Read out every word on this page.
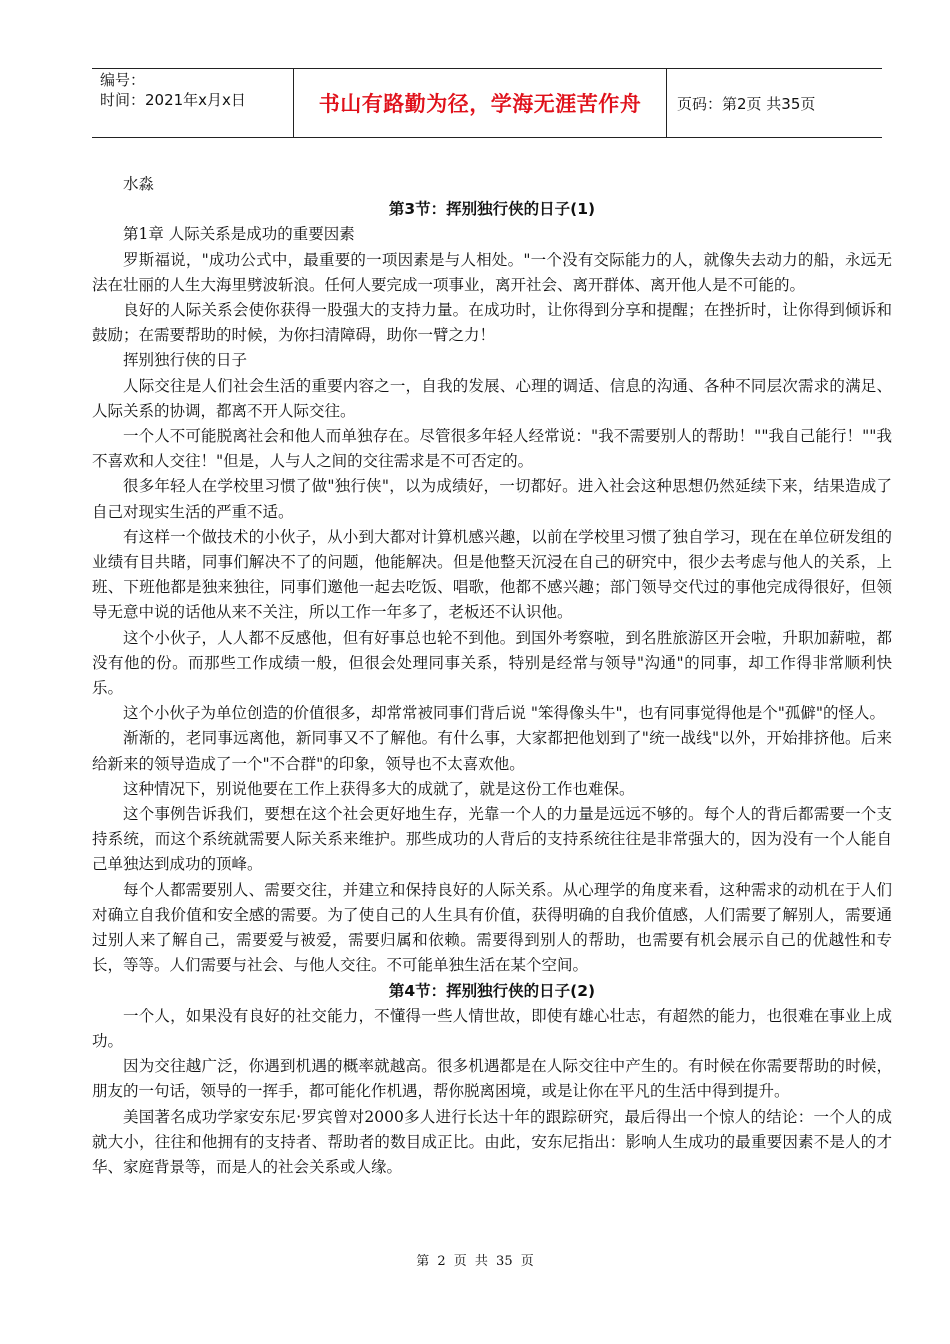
编号：
时间：2021年x月x日	书山有路勤为径，学海无涯苦作舟	页码：第2页 共35页

水淼

第3节：挥别独行侠的日子(1)

第1章 人际关系是成功的重要因素

罗斯福说，"成功公式中，最重要的一项因素是与人相处。"一个没有交际能力的人，就像失去动力的船，永远无法在壮丽的人生大海里劈波斩浪。任何人要完成一项事业，离开社会、离开群体、离开他人是不可能的。

良好的人际关系会使你获得一股强大的支持力量。在成功时，让你得到分享和提醒；在挫折时，让你得到倾诉和鼓励；在需要帮助的时候，为你扫清障碍，助你一臂之力！

挥别独行侠的日子

人际交往是人们社会生活的重要内容之一，自我的发展、心理的调适、信息的沟通、各种不同层次需求的满足、人际关系的协调，都离不开人际交往。

一个人不可能脱离社会和他人而单独存在。尽管很多年轻人经常说："我不需要别人的帮助！""我自己能行！""我不喜欢和人交往！"但是，人与人之间的交往需求是不可否定的。

很多年轻人在学校里习惯了做"独行侠"，以为成绩好，一切都好。进入社会这种思想仍然延续下来，结果造成了自己对现实生活的严重不适。

有这样一个做技术的小伙子，从小到大都对计算机感兴趣，以前在学校里习惯了独自学习，现在在单位研发组的业绩有目共睹，同事们解决不了的问题，他能解决。但是他整天沉浸在自己的研究中，很少去考虑与他人的关系，上班、下班他都是独来独往，同事们邀他一起去吃饭、唱歌，他都不感兴趣；部门领导交代过的事他完成得很好，但领导无意中说的话他从来不关注，所以工作一年多了，老板还不认识他。

这个小伙子，人人都不反感他，但有好事总也轮不到他。到国外考察啦，到名胜旅游区开会啦，升职加薪啦，都没有他的份。而那些工作成绩一般，但很会处理同事关系，特别是经常与领导"沟通"的同事，却工作得非常顺利快乐。

这个小伙子为单位创造的价值很多，却常常被同事们背后说 "笨得像头牛"，也有同事觉得他是个"孤僻"的怪人。

渐渐的，老同事远离他，新同事又不了解他。有什么事，大家都把他划到了"统一战线"以外，开始排挤他。后来给新来的领导造成了一个"不合群"的印象，领导也不太喜欢他。

这种情况下，别说他要在工作上获得多大的成就了，就是这份工作也难保。

这个事例告诉我们，要想在这个社会更好地生存，光靠一个人的力量是远远不够的。每个人的背后都需要一个支持系统，而这个系统就需要人际关系来维护。那些成功的人背后的支持系统往往是非常强大的，因为没有一个人能自己单独达到成功的顶峰。

每个人都需要别人、需要交往，并建立和保持良好的人际关系。从心理学的角度来看，这种需求的动机在于人们对确立自我价值和安全感的需要。为了使自己的人生具有价值，获得明确的自我价值感，人们需要了解别人，需要通过别人来了解自己，需要爱与被爱，需要归属和依赖。需要得到别人的帮助，也需要有机会展示自己的优越性和专长，等等。人们需要与社会、与他人交往。不可能单独生活在某个空间。

第4节：挥别独行侠的日子(2)

一个人，如果没有良好的社交能力，不懂得一些人情世故，即使有雄心壮志，有超然的能力，也很难在事业上成功。

因为交往越广泛，你遇到机遇的概率就越高。很多机遇都是在人际交往中产生的。有时候在你需要帮助的时候，朋友的一句话，领导的一挥手，都可能化作机遇，帮你脱离困境，或是让你在平凡的生活中得到提升。

美国著名成功学家安东尼·罗宾曾对2000多人进行长达十年的跟踪研究，最后得出一个惊人的结论：一个人的成就大小，往往和他拥有的支持者、帮助者的数目成正比。由此，安东尼指出：影响人生成功的最重要因素不是人的才华、家庭背景等，而是人的社会关系或人缘。

第 2 页 共 35 页
